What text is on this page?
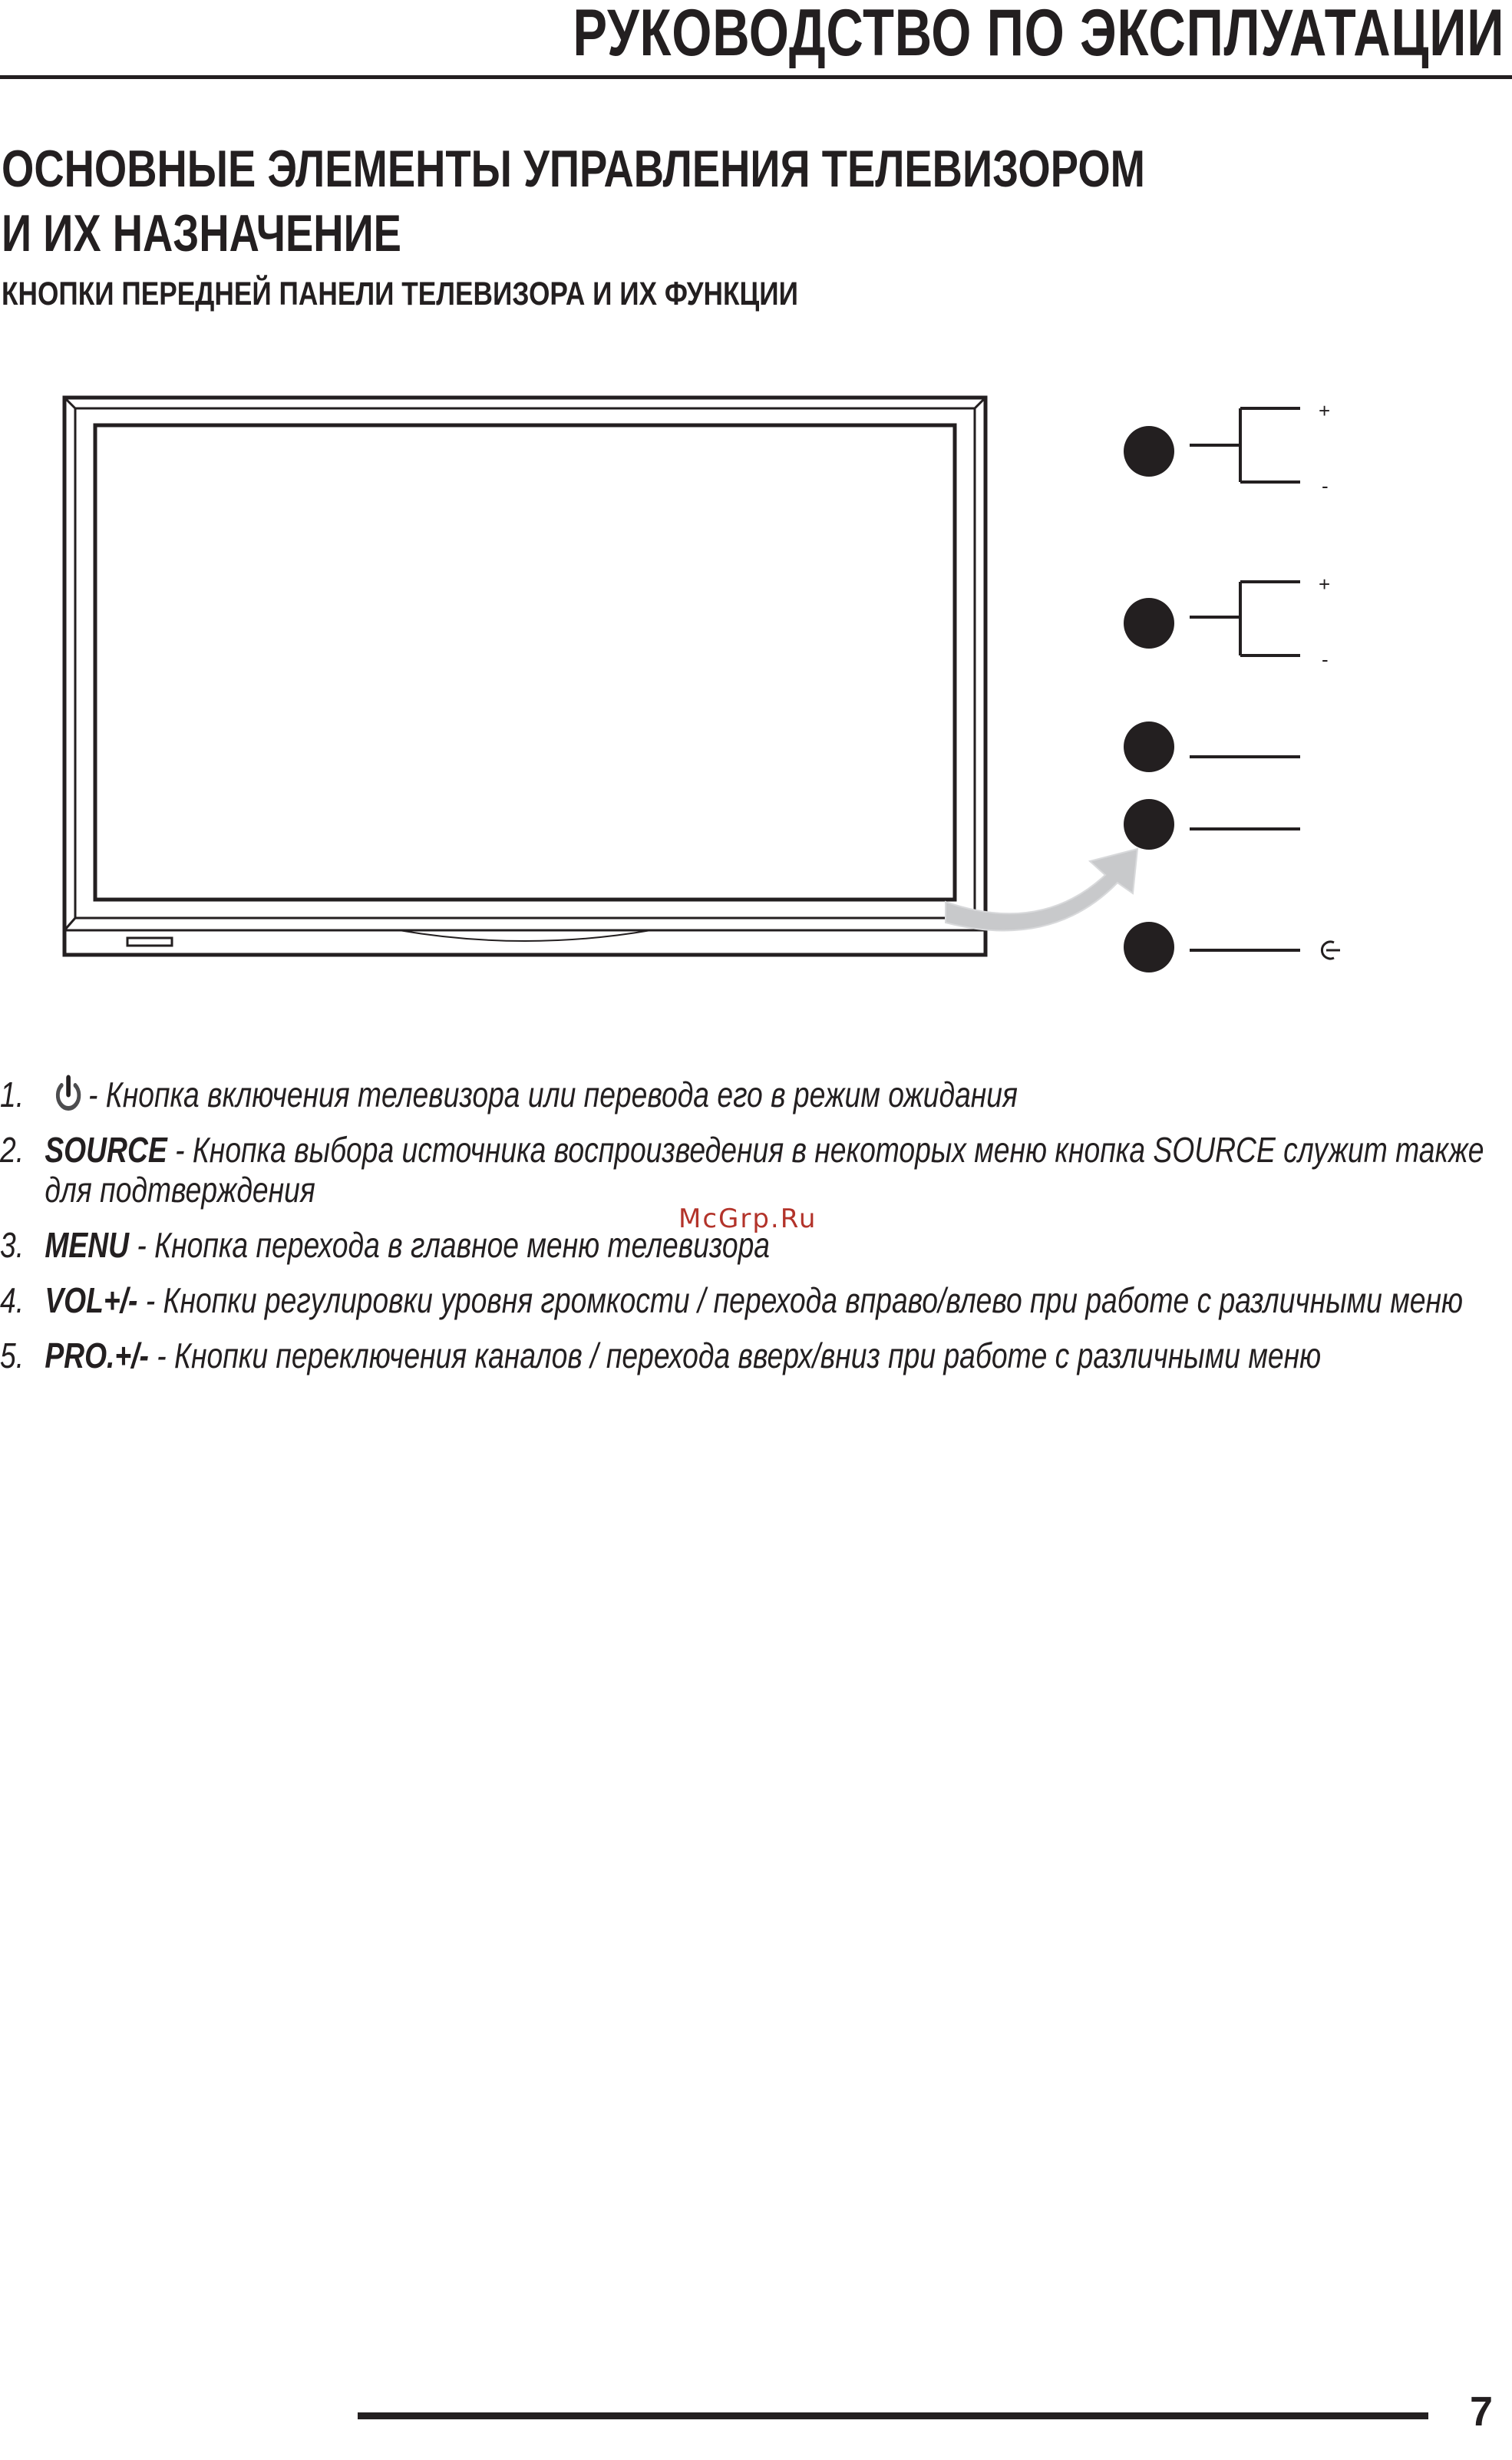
РУКОВОДСТВО ПО ЭКСПЛУАТАЦИИ
ОСНОВНЫЕ ЭЛЕМЕНТЫ УПРАВЛЕНИЯ ТЕЛЕВИЗОРОМ
И ИХ НАЗНАЧЕНИЕ
КНОПКИ ПЕРЕДНЕЙ ПАНЕЛИ ТЕЛЕВИЗОРА И ИХ ФУНКЦИИ
+
-
+
-
1. - Кнопка включения телевизора или перевода его в режим ожидания
2. SOURCE - Кнопка выбора источника воспроизведения в некоторых меню кнопка SOURCE служит также
для подтверждения
3. MENU - Кнопка перехода в главное меню телевизора
4. VOL+/- - Кнопки регулировки уровня громкости / перехода вправо/влево при работе с различными меню
5. PRO.+/- - Кнопки переключения каналов / перехода вверх/вниз при работе с различными меню
McGrp.Ru
7
